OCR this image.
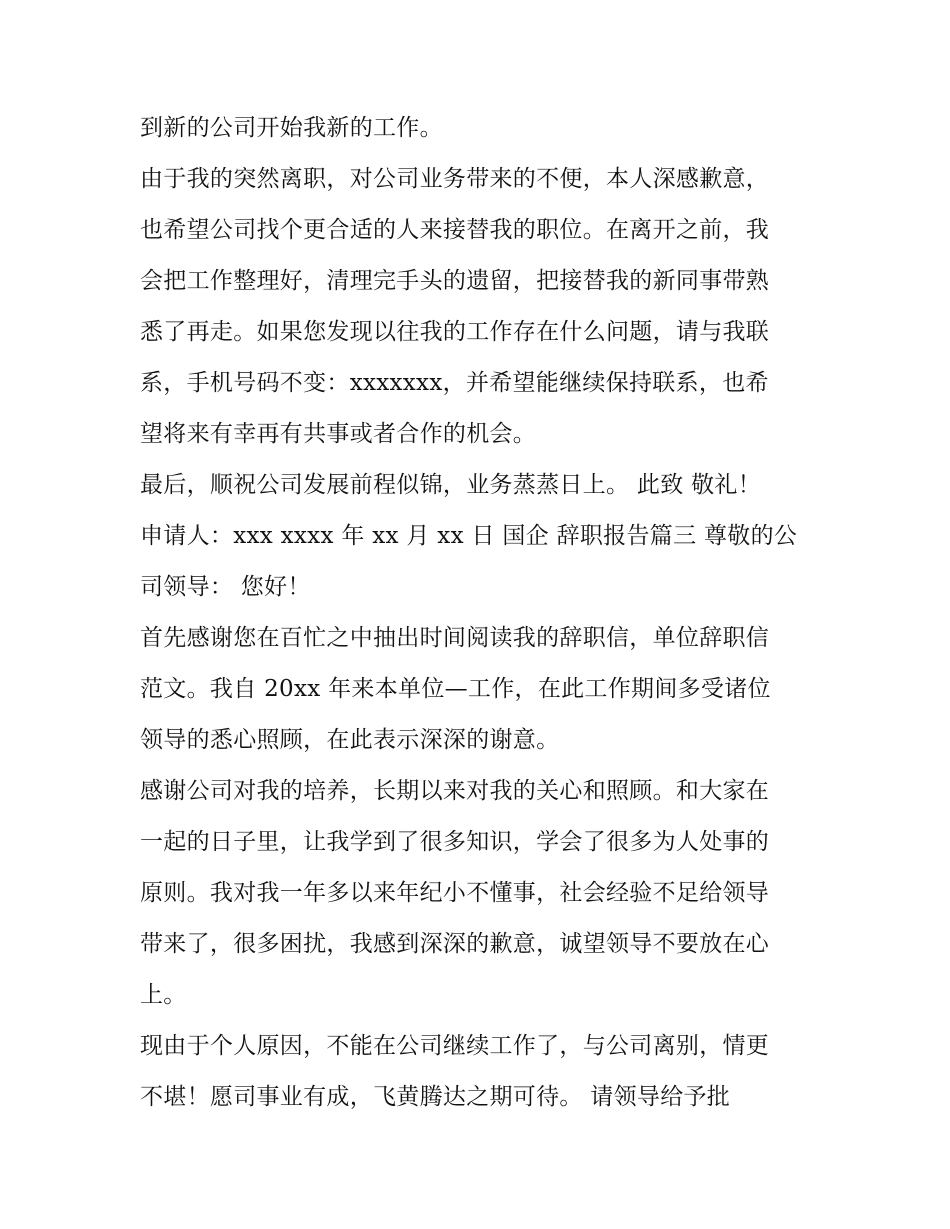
到新的公司开始我新的工作。
由于我的突然离职，对公司业务带来的不便，本人深感歉意，
也希望公司找个更合适的人来接替我的职位。在离开之前，我
会把工作整理好，清理完手头的遗留，把接替我的新同事带熟
悉了再走。如果您发现以往我的工作存在什么问题，请与我联
系，手机号码不变：xxxxxxx，并希望能继续保持联系，也希
望将来有幸再有共事或者合作的机会。
最后，顺祝公司发展前程似锦，业务蒸蒸日上。 此致 敬礼！
申请人：xxx xxxx 年 xx 月 xx 日 国企 辞职报告篇三 尊敬的公
司领导： 您好！
首先感谢您在百忙之中抽出时间阅读我的辞职信，单位辞职信
范文。我自 20xx 年来本单位—工作，在此工作期间多受诸位
领导的悉心照顾，在此表示深深的谢意。
感谢公司对我的培养，长期以来对我的关心和照顾。和大家在
一起的日子里，让我学到了很多知识，学会了很多为人处事的
原则。我对我一年多以来年纪小不懂事，社会经验不足给领导
带来了，很多困扰，我感到深深的歉意，诚望领导不要放在心
上。
现由于个人原因，不能在公司继续工作了，与公司离别，情更
不堪！愿司事业有成，飞黄腾达之期可待。 请领导给予批
